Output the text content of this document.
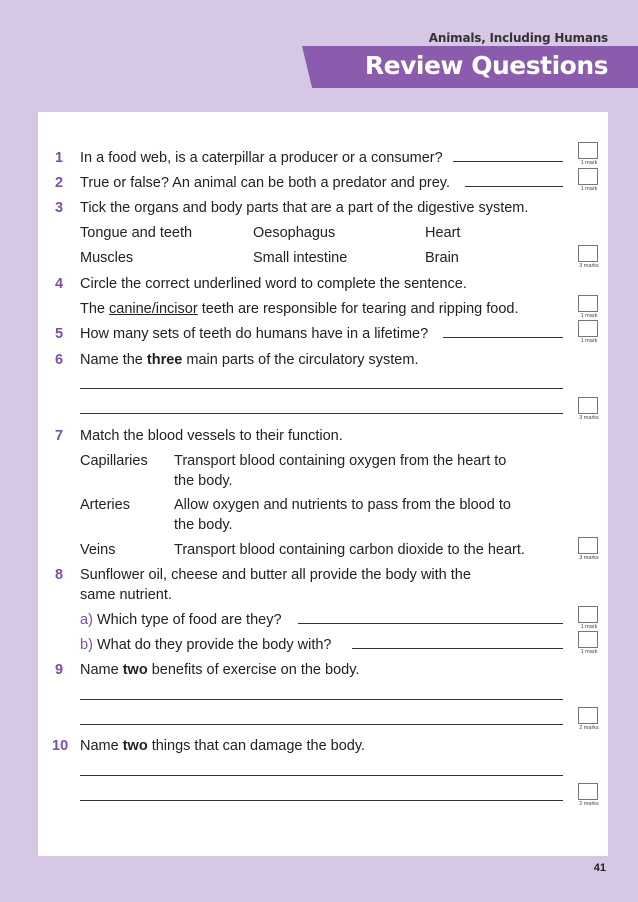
Animals, Including Humans
Review Questions
1	In a food web, is a caterpillar a producer or a consumer?	1 mark
2	True or false? An animal can be both a predator and prey.	1 mark
3	Tick the organs and body parts that are a part of the digestive system.
Tongue and teeth	Oesophagus	Heart
Muscles	Small intestine	Brain	3 marks
4	Circle the correct underlined word to complete the sentence.
The canine/incisor teeth are responsible for tearing and ripping food.	1 mark
5	How many sets of teeth do humans have in a lifetime?	1 mark
6	Name the three main parts of the circulatory system.
3 marks
7	Match the blood vessels to their function.
Capillaries Transport blood containing oxygen from the heart to
the body.
Arteries	Allow oxygen and nutrients to pass from the blood to
the body.
Veins	Transport blood containing carbon dioxide to the heart.	3 marks
8	Sunflower oil, cheese and butter all provide the body with the
same nutrient.
a) Which type of food are they?	1 mark
b) What do they provide the body with?	1 mark
9	Name two benefits of exercise on the body.
2 marks
10 Name two things that can damage the body.
2 marks
41
